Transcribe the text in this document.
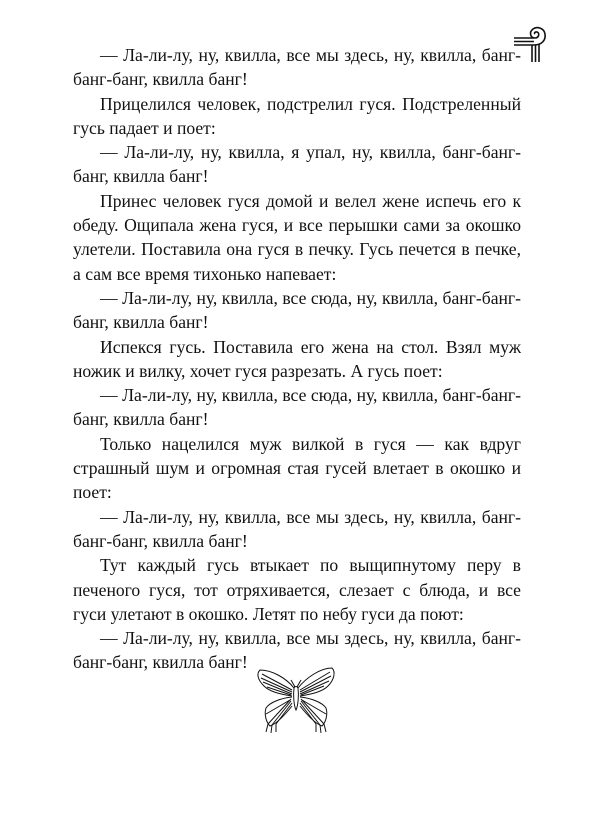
— Ла-ли-лу, ну, квилла, все мы здесь, ну, квилла, банг-банг-банг, квилла банг!

Прицелился человек, подстрелил гуся. Подстреленный гусь падает и поет:

— Ла-ли-лу, ну, квилла, я упал, ну, квилла, банг-банг-банг, квилла банг!

Принес человек гуся домой и велел жене испечь его к обеду. Ощипала жена гуся, и все перышки сами за окошко улетели. Поставила она гуся в печку. Гусь печется в печке, а сам все время тихонько напевает:

— Ла-ли-лу, ну, квилла, все сюда, ну, квилла, банг-банг-банг, квилла банг!

Испекся гусь. Поставила его жена на стол. Взял муж ножик и вилку, хочет гуся разрезать. А гусь поет:

— Ла-ли-лу, ну, квилла, все сюда, ну, квилла, банг-банг-банг, квилла банг!

Только нацелился муж вилкой в гуся — как вдруг страшный шум и огромная стая гусей влетает в окошко и поет:

— Ла-ли-лу, ну, квилла, все мы здесь, ну, квилла, банг-банг-банг, квилла банг!

Тут каждый гусь втыкает по выщипнутому перу в печеного гуся, тот отряхивается, слезает с блюда, и все гуси улетают в окошко. Летят по небу гуси да поют:

— Ла-ли-лу, ну, квилла, все мы здесь, ну, квилла, банг-банг-банг, квилла банг!
